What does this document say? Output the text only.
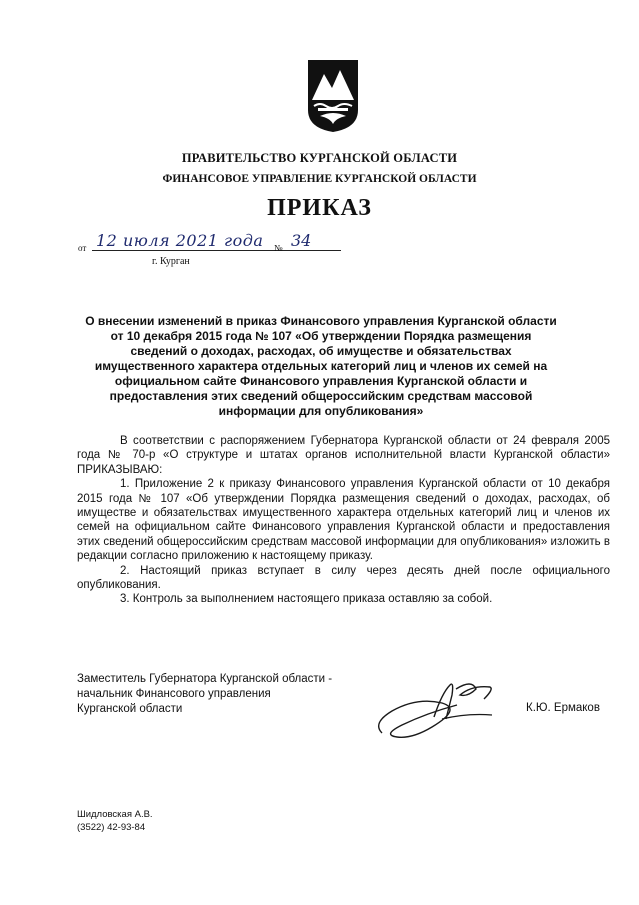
ПРАВИТЕЛЬСТВО КУРГАНСКОЙ ОБЛАСТИ
ФИНАНСОВОЕ УПРАВЛЕНИЕ КУРГАНСКОЙ ОБЛАСТИ
ПРИКАЗ
от 12 июля 2021 года	№ 34
г. Курган
О внесении изменений в приказ Финансового управления Курганской области от 10 декабря 2015 года № 107 «Об утверждении Порядка размещения сведений о доходах, расходах, об имуществе и обязательствах имущественного характера отдельных категорий лиц и членов их семей на официальном сайте Финансового управления Курганской области и предоставления этих сведений общероссийским средствам массовой информации для опубликования»

В соответствии с распоряжением Губернатора Курганской области от 24 февраля 2005 года № 70-р «О структуре и штатах органов исполнительной власти Курганской области» ПРИКАЗЫВАЮ:

1. Приложение 2 к приказу Финансового управления Курганской области от 10 декабря 2015 года № 107 «Об утверждении Порядка размещения сведений о доходах, расходах, об имуществе и обязательствах имущественного характера отдельных категорий лиц и членов их семей на официальном сайте Финансового управления Курганской области и предоставления этих сведений общероссийским средствам массовой информации для опубликования» изложить в редакции согласно приложению к настоящему приказу.

2. Настоящий приказ вступает в силу через десять дней после официального опубликования.

3. Контроль за выполнением настоящего приказа оставляю за собой.

Заместитель Губернатора Курганской области -
начальник Финансового управления
Курганской области	К.Ю. Ермаков
Шидловская А.В.
(3522) 42-93-84
